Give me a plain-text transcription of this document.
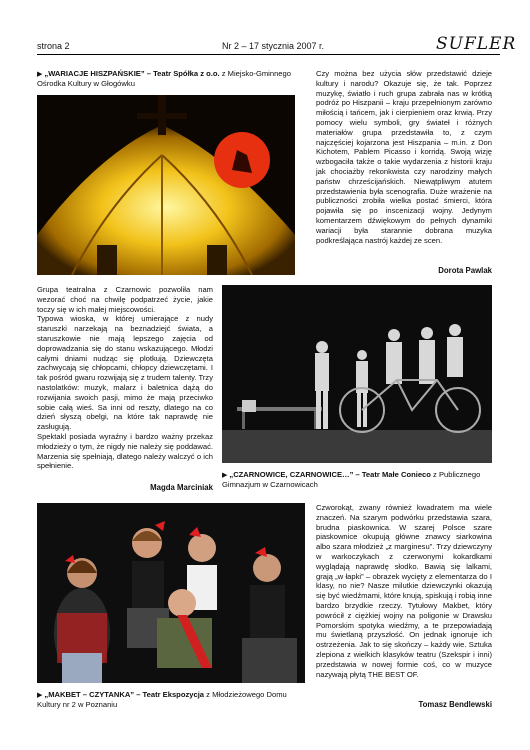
strona 2	Nr 2 – 17 stycznia 2007 r.	SUFLER
▶ „WARIACJE HISZPAŃSKIE” – Teatr Spółka z o.o. z Miejsko-Gminnego Ośrodka Kultury w Głogówku

Czy można bez użycia słów przedstawić dzieje kultury i narodu? Okazuje się, że tak. Poprzez muzykę, światło i ruch grupa zabrała nas w krótką podróż po Hiszpanii – kraju przepełnionym zarówno miłością i tańcem, jak i cierpieniem oraz krwią. Przy pomocy wielu symboli, gry świateł i różnych materiałów grupa przedstawiła to, z czym najczęściej kojarzona jest Hiszpania – m.in. z Don Kichotem, Pablem Picasso i korridą. Swoją wizję wzbogaciła także o takie wydarzenia z historii kraju jak chociażby rekonkwista czy narodziny małych państw chrześcijańskich. Niewątpliwym atutem przedstawienia była scenografia. Duże wrażenie na publiczności zrobiła wielka postać śmierci, która pojawiła się po inscenizacji wojny. Jedynym komentarzem dźwiękowym do pełnych dynamiki wariacji była starannie dobrana muzyka podkreślająca nastrój każdej ze scen.

Dorota Pawlak

Grupa teatralna z Czarnowic pozwoliła nam wezorać choć na chwilę podpatrzeć życie, jakie toczy się w ich małej miejscowości.

Typowa wioska, w której umierające z nudy staruszki narzekają na beznadziejć świata, a staruszkowie nie mają lepszego zajęcia od doprowadzania się do stanu wskazującego. Młodzi całymi dniami nudząc się plotkują. Dziewczęta zachwycają się chłopcami, chłopcy dziewczętami. I tak pośród gwaru rozwijają się z trudem talenty. Trzy nastolatków: muzyk, malarz i baletnica dążą do rozwijania swoich pasji, mimo że mają przeciwko sobie całą wieś. Sa inni od reszty, dlatego na co dzień słyszą obelgi, na które tak naprawdę nie zasługują.

Spektakl posiada wyraźny i bardzo ważny przekaz młodzieży o tym, że nigdy nie należy się poddawać. Marzenia się spełniają, dlatego należy walczyć o ich spełnienie.

Magda Marciniak
▶ „CZARNOWICE, CZARNOWICE…” – Teatr Małe Conieco z Publicznego Gimnazjum w Czarnowicach

Czworokąt, zwany również kwadratem ma wiele znaczeń. Na szarym podwórku przedstawia szara, brudna piaskownica. W szarej Polsce szare piaskownice okupują główne znawcy siarkowina albo szara młodzież „z marginesu”. Trzy dziewczyny w warkoczykach z czerwonymi kokardkami wyglądają naprawdę słodko. Bawią się lalkami, grają „w łapki” – obrazek wycięty z elementarza do I klasy, no nie? Nasze milutkie dziewczynki okazują się być wiedźmami, które knują, spiskują i robią inne bardzo brzydkie rzeczy. Tytułowy Makbet, który powrócił z ciężkiej wojny na poligonie w Drawsku Pomorskim spotyka wiedźmy, a te przepowiadają mu świetlaną przyszłość. On jednak ignoruje ich ostrzeżenia. Jak to się skończy – każdy wie. Sztuka zlepiona z wielkich klasyków teatru (Szekspir i inni) przedstawia w nowej formie coś, co w muzyce nazywają płytą THE BEST OF.

Tomasz Bendlewski
▶ „MAKBET – CZYTANKA” – Teatr Ekspozycja z Młodzieżowego Domu Kultury nr 2 w Poznaniu
